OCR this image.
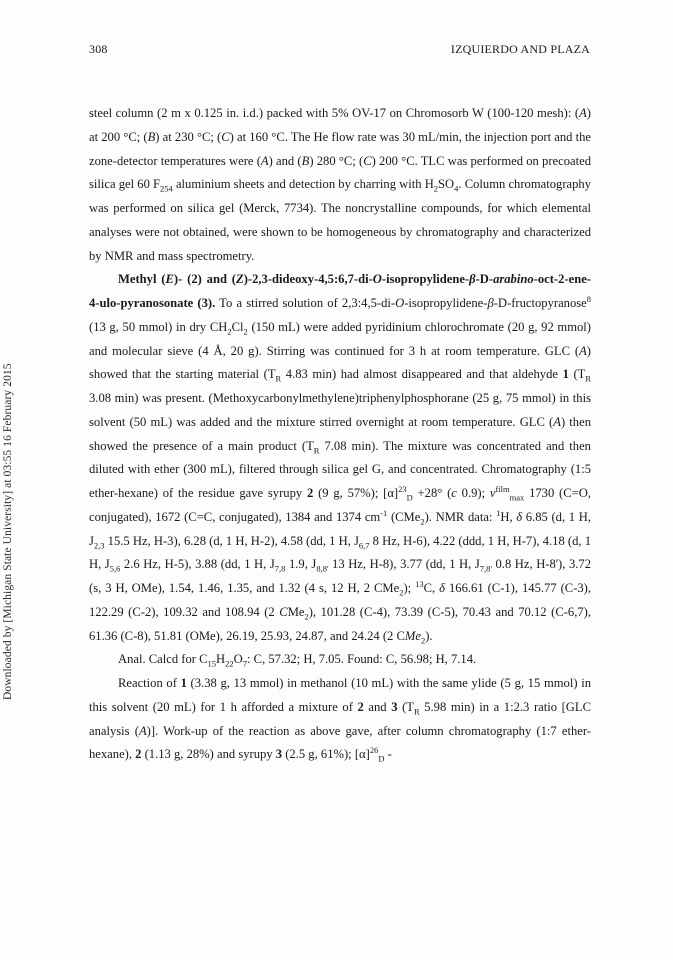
308	IZQUIERDO AND PLAZA
Downloaded by [Michigan State University] at 03:55 16 February 2015

steel column (2 m x 0.125 in. i.d.) packed with 5% OV-17 on Chromosorb W (100-120 mesh): (A) at 200 °C; (B) at 230 °C; (C) at 160 °C. The He flow rate was 30 mL/min, the injection port and the zone-detector temperatures were (A) and (B) 280 °C; (C) 200 °C. TLC was performed on precoated silica gel 60 $F_{254}$ aluminium sheets and detection by charring with $H_2SO_4$. Column chromatography was performed on silica gel (Merck, 7734). The noncrystalline compounds, for which elemental analyses were not obtained, were shown to be homogeneous by chromatography and characterized by NMR and mass spectrometry.

Methyl (E)- (2) and (Z)-2,3-dideoxy-4,5:6,7-di-O-isopropylidene-β-D-arabino-oct-2-ene-4-ulo-pyranosonate (3). To a stirred solution of 2,3:4,5-di-O-isopropylidene-β-D-fructopyranose$^8$ (13 g, 50 mmol) in dry $CH_2Cl_2$ (150 mL) were added pyridinium chlorochromate (20 g, 92 mmol) and molecular sieve (4 Å, 20 g). Stirring was continued for 3 h at room temperature. GLC (A) showed that the starting material ($T_R$ 4.83 min) had almost disappeared and that aldehyde 1 ($T_R$ 3.08 min) was present. (Methoxycarbonylmethylene)triphenylphosphorane (25 g, 75 mmol) in this solvent (50 mL) was added and the mixture stirred overnight at room temperature. GLC (A) then showed the presence of a main product ($T_R$ 7.08 min). The mixture was concentrated and then diluted with ether (300 mL), filtered through silica gel G, and concentrated. Chromatography (1:5 ether-hexane) of the residue gave syrupy 2 (9 g, 57%); $[\alpha]^{23}_D +28^\circ$ (c 0.9); $\nu^{film}_{max}$ 1730 (C=O, conjugated), 1672 (C=C, conjugated), 1384 and 1374 $cm^{-1}$ (CMe$_2$). NMR data: $^1$H, δ 6.85 (d, 1 H, $J_{2,3}$ 15.5 Hz, H-3), 6.28 (d, 1 H, H-2), 4.58 (dd, 1 H, $J_{6,7}$ 8 Hz, H-6), 4.22 (ddd, 1 H, H-7), 4.18 (d, 1 H, $J_{5,6}$ 2.6 Hz, H-5), 3.88 (dd, 1 H, $J_{7,8}$ 1.9, $J_{8,8'}$ 13 Hz, H-8), 3.77 (dd, 1 H, $J_{7,8'}$ 0.8 Hz, H-8'), 3.72 (s, 3 H, OMe), 1.54, 1.46, 1.35, and 1.32 (4 s, 12 H, 2 CMe$_2$); $^{13}$C, δ 166.61 (C-1), 145.77 (C-3), 122.29 (C-2), 109.32 and 108.94 (2 CMe$_2$), 101.28 (C-4), 73.39 (C-5), 70.43 and 70.12 (C-6,7), 61.36 (C-8), 51.81 (OMe), 26.19, 25.93, 24.87, and 24.24 (2 CMe$_2$).

Anal. Calcd for $C_{15}H_{22}O_7$: C, 57.32; H, 7.05. Found: C, 56.98; H, 7.14.

Reaction of 1 (3.38 g, 13 mmol) in methanol (10 mL) with the same ylide (5 g, 15 mmol) in this solvent (20 mL) for 1 h afforded a mixture of 2 and 3 ($T_R$ 5.98 min) in a 1:2.3 ratio [GLC analysis (A)]. Work-up of the reaction as above gave, after column chromatography (1:7 ether-hexane), 2 (1.13 g, 28%) and syrupy 3 (2.5 g, 61%); $[\alpha]^{26}_D$ -
